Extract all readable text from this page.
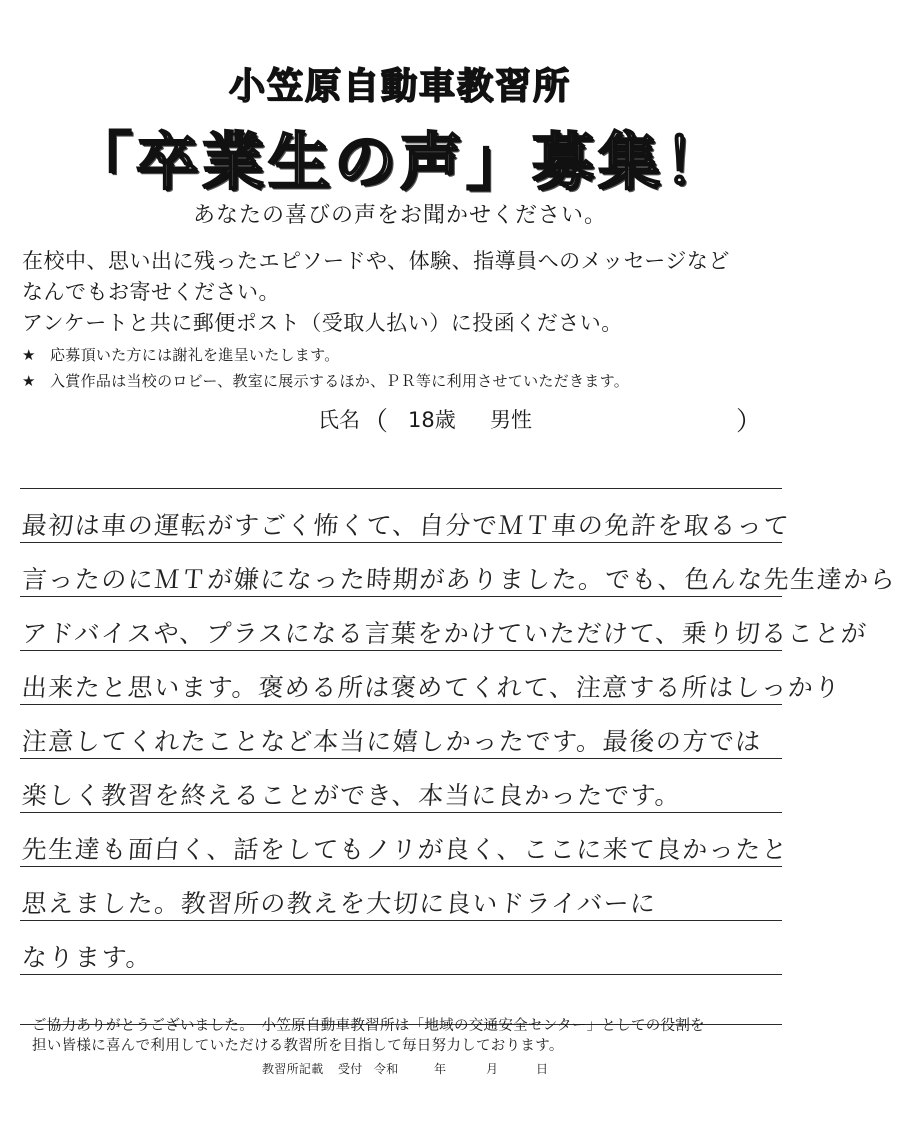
小笠原自動車教習所
「卒業生の声」募集！
あなたの喜びの声をお聞かせください。
在校中、思い出に残ったエピソードや、体験、指導員へのメッセージなど
なんでもお寄せください。
アンケートと共に郵便ポスト（受取人払い）に投函ください。
★ 応募頂いた方には謝礼を進呈いたします。
★ 入賞作品は当校のロビー、教室に展示するほか、ＰＲ等に利用させていただきます。
氏名 （ 18歳 男性	）
最初は車の運転がすごく怖くて、自分でＭＴ車の免許を取るって
言ったのにＭＴが嫌になった時期がありました。でも、色んな先生達から
アドバイスや、プラスになる言葉をかけていただけて、乗り切ることが
出来たと思います。褒める所は褒めてくれて、注意する所はしっかり
注意してくれたことなど本当に嬉しかったです。最後の方では
楽しく教習を終えることができ、本当に良かったです。
先生達も面白く、話をしてもノリが良く、ここに来て良かったと
思えました。教習所の教えを大切に良いドライバーに
なります。
ご協力ありがとうございました。　小笠原自動車教習所は「地域の交通安全センター」としての役割を
担い皆様に喜んで利用していただける教習所を目指して毎日努力しております。
教習所記載 受付 令和	年	月	日
